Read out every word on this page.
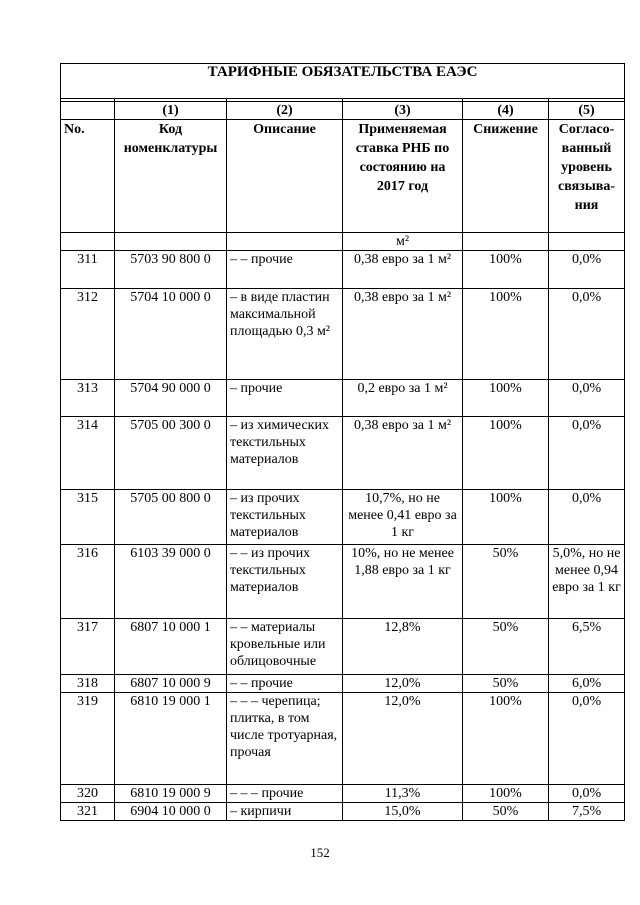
ТАРИФНЫЕ ОБЯЗАТЕЛЬСТВА ЕАЭС					

	(1)	(2)	(3)	(4)	(5)
No.	Код номенклатуры	Описание	Применяемая ставка РНБ по состоянию на 2017 год	Снижение	Согласо-ванный уровень связыва-ния
			м²		
311	5703 90 800 0	– – прочие	0,38 евро за 1 м²	100%	0,0%
312	5704 10 000 0	– в виде пластин максимальной площадью 0,3 м²	0,38 евро за 1 м²	100%	0,0%
313	5704 90 000 0	– прочие	0,2 евро за 1 м²	100%	0,0%
314	5705 00 300 0	– из химических текстильных материалов	0,38 евро за 1 м²	100%	0,0%
315	5705 00 800 0	– из прочих текстильных материалов	10,7%, но не менее 0,41 евро за 1 кг	100%	0,0%
316	6103 39 000 0	– – из прочих текстильных материалов	10%, но не менее 1,88 евро за 1 кг	50%	5,0%, но не менее 0,94 евро за 1 кг
317	6807 10 000 1	– – материалы кровельные или облицовочные	12,8%	50%	6,5%
318	6807 10 000 9	– – прочие	12,0%	50%	6,0%
319	6810 19 000 1	– – – черепица; плитка, в том числе тротуарная, прочая	12,0%	100%	0,0%
320	6810 19 000 9	– – – прочие	11,3%	100%	0,0%
321	6904 10 000 0	– кирпичи	15,0%	50%	7,5%
152
